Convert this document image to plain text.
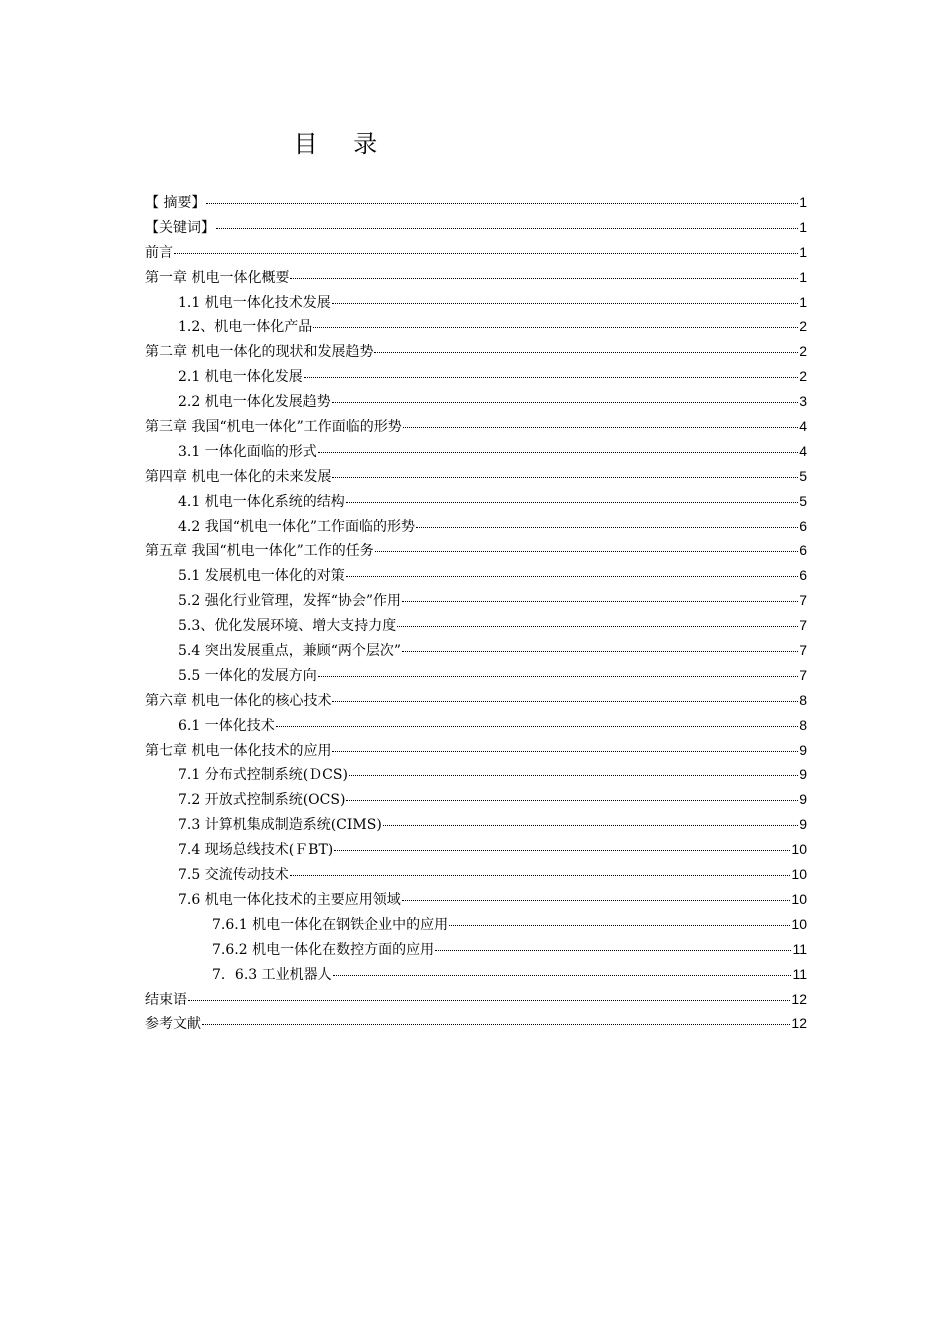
目 录
【 摘要】	1
【关键词】	1
前言	1
第一章 机电一体化概要	1
1.1 机电一体化技术发展	1
1.2、机电一体化产品	2
第二章 机电一体化的现状和发展趋势	2
2.1 机电一体化发展	2
2.2 机电一体化发展趋势	3
第三章 我国“机电一体化”工作面临的形势	4
3.1 一体化面临的形式	4
第四章 机电一体化的未来发展	5
4.1 机电一体化系统的结构	5
4.2 我国“机电一体化”工作面临的形势	6
第五章 我国“机电一体化”工作的任务	6
5.1 发展机电一体化的对策	6
5.2 强化行业管理，发挥“协会”作用	7
5.3、优化发展环境、增大支持力度	7
5.4 突出发展重点，兼顾“两个层次”	7
5.5 一体化的发展方向	7
第六章 机电一体化的核心技术	8
6.1 一体化技术	8
第七章 机电一体化技术的应用	9
7.1 分布式控制系统(ＤCS)	9
7.2 开放式控制系统(OCS)	9
7.3 计算机集成制造系统(CIMS)	9
7.4 现场总线技术(ＦBT)	10
7.5 交流传动技术	10
7.6 机电一体化技术的主要应用领域	10
7.6.1 机电一体化在钢铁企业中的应用	10
7.6.2 机电一体化在数控方面的应用	11
7．6.3 工业机器人	11
结束语	12
参考文献	12
